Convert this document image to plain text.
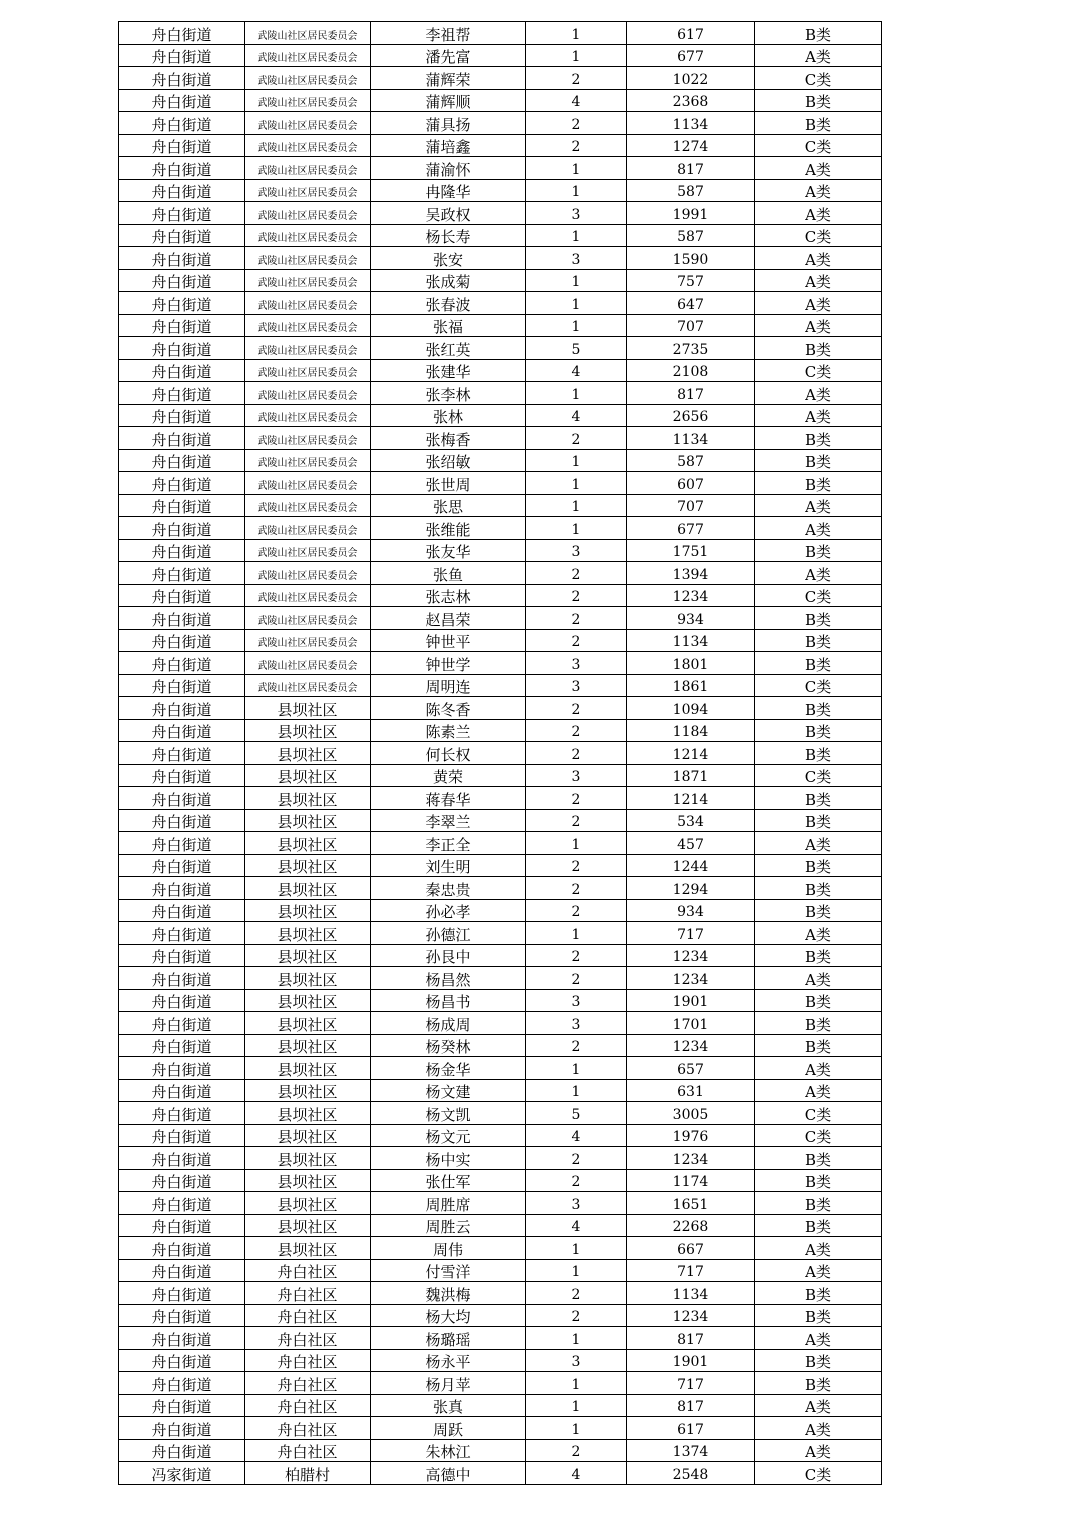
舟白街道	武陵山社区居民委员会	李祖帮	1	617	B类
舟白街道	武陵山社区居民委员会	潘先富	1	677	A类
舟白街道	武陵山社区居民委员会	蒲辉荣	2	1022	C类
舟白街道	武陵山社区居民委员会	蒲辉顺	4	2368	B类
舟白街道	武陵山社区居民委员会	蒲具扬	2	1134	B类
舟白街道	武陵山社区居民委员会	蒲培鑫	2	1274	C类
舟白街道	武陵山社区居民委员会	蒲渝怀	1	817	A类
舟白街道	武陵山社区居民委员会	冉隆华	1	587	A类
舟白街道	武陵山社区居民委员会	吴政权	3	1991	A类
舟白街道	武陵山社区居民委员会	杨长寿	1	587	C类
舟白街道	武陵山社区居民委员会	张安	3	1590	A类
舟白街道	武陵山社区居民委员会	张成菊	1	757	A类
舟白街道	武陵山社区居民委员会	张春波	1	647	A类
舟白街道	武陵山社区居民委员会	张福	1	707	A类
舟白街道	武陵山社区居民委员会	张红英	5	2735	B类
舟白街道	武陵山社区居民委员会	张建华	4	2108	C类
舟白街道	武陵山社区居民委员会	张李林	1	817	A类
舟白街道	武陵山社区居民委员会	张林	4	2656	A类
舟白街道	武陵山社区居民委员会	张梅香	2	1134	B类
舟白街道	武陵山社区居民委员会	张绍敏	1	587	B类
舟白街道	武陵山社区居民委员会	张世周	1	607	B类
舟白街道	武陵山社区居民委员会	张思	1	707	A类
舟白街道	武陵山社区居民委员会	张维能	1	677	A类
舟白街道	武陵山社区居民委员会	张友华	3	1751	B类
舟白街道	武陵山社区居民委员会	张鱼	2	1394	A类
舟白街道	武陵山社区居民委员会	张志林	2	1234	C类
舟白街道	武陵山社区居民委员会	赵昌荣	2	934	B类
舟白街道	武陵山社区居民委员会	钟世平	2	1134	B类
舟白街道	武陵山社区居民委员会	钟世学	3	1801	B类
舟白街道	武陵山社区居民委员会	周明连	3	1861	C类
舟白街道	县坝社区	陈冬香	2	1094	B类
舟白街道	县坝社区	陈素兰	2	1184	B类
舟白街道	县坝社区	何长权	2	1214	B类
舟白街道	县坝社区	黄荣	3	1871	C类
舟白街道	县坝社区	蒋春华	2	1214	B类
舟白街道	县坝社区	李翠兰	2	534	B类
舟白街道	县坝社区	李正全	1	457	A类
舟白街道	县坝社区	刘生明	2	1244	B类
舟白街道	县坝社区	秦忠贵	2	1294	B类
舟白街道	县坝社区	孙必孝	2	934	B类
舟白街道	县坝社区	孙德江	1	717	A类
舟白街道	县坝社区	孙艮中	2	1234	B类
舟白街道	县坝社区	杨昌然	2	1234	A类
舟白街道	县坝社区	杨昌书	3	1901	B类
舟白街道	县坝社区	杨成周	3	1701	B类
舟白街道	县坝社区	杨癸林	2	1234	B类
舟白街道	县坝社区	杨金华	1	657	A类
舟白街道	县坝社区	杨文建	1	631	A类
舟白街道	县坝社区	杨文凯	5	3005	C类
舟白街道	县坝社区	杨文元	4	1976	C类
舟白街道	县坝社区	杨中实	2	1234	B类
舟白街道	县坝社区	张仕军	2	1174	B类
舟白街道	县坝社区	周胜席	3	1651	B类
舟白街道	县坝社区	周胜云	4	2268	B类
舟白街道	县坝社区	周伟	1	667	A类
舟白街道	舟白社区	付雪洋	1	717	A类
舟白街道	舟白社区	魏洪梅	2	1134	B类
舟白街道	舟白社区	杨大均	2	1234	B类
舟白街道	舟白社区	杨璐瑶	1	817	A类
舟白街道	舟白社区	杨永平	3	1901	B类
舟白街道	舟白社区	杨月苹	1	717	B类
舟白街道	舟白社区	张真	1	817	A类
舟白街道	舟白社区	周跃	1	617	A类
舟白街道	舟白社区	朱林江	2	1374	A类
冯家街道	柏腊村	高德中	4	2548	C类
